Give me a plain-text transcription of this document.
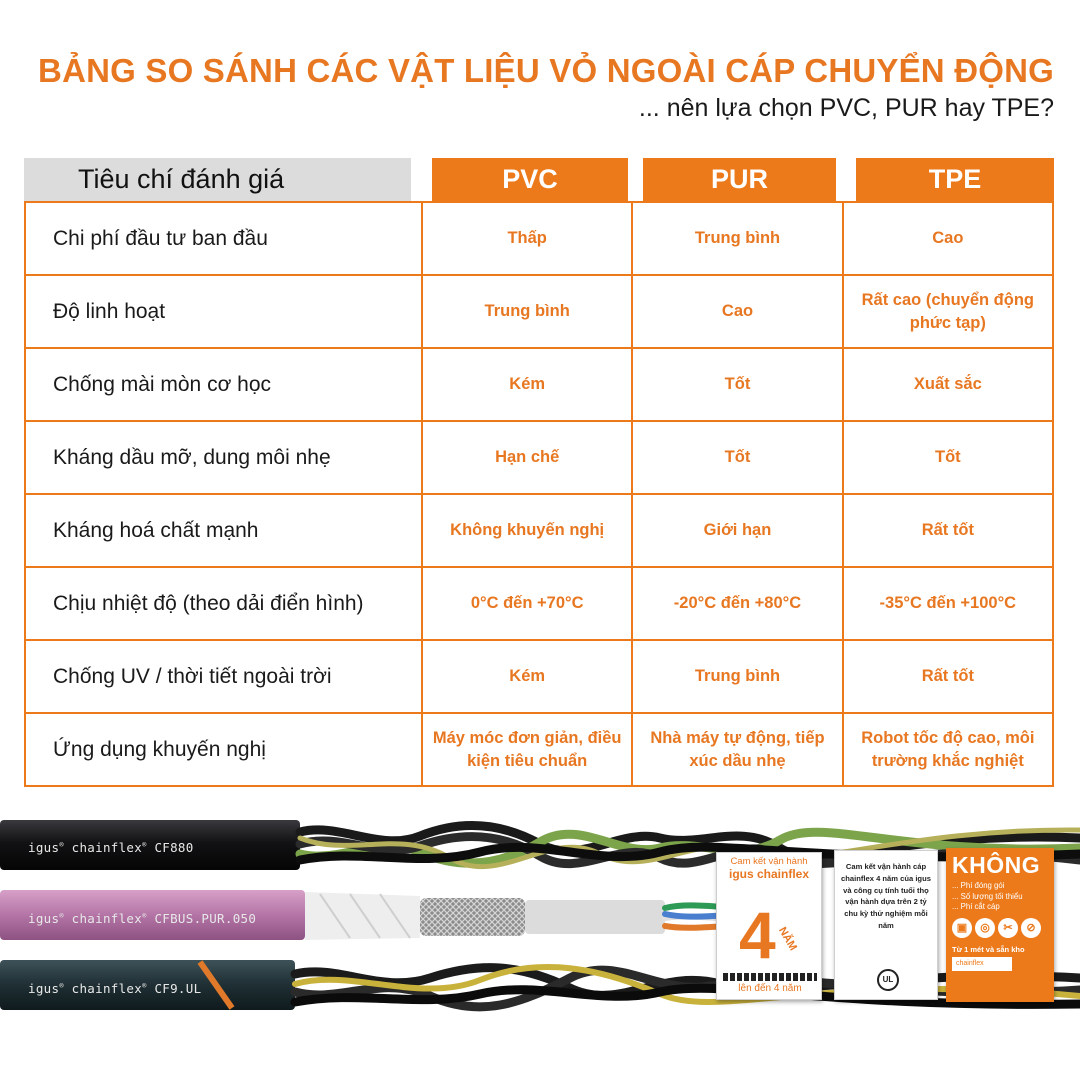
BẢNG SO SÁNH CÁC VẬT LIỆU VỎ NGOÀI CÁP CHUYỂN ĐỘNG
... nên lựa chọn PVC, PUR hay TPE?
Tiêu chí đánh giá	PVC	PUR	TPE
Chi phí đầu tư ban đầu	Thấp	Trung bình	Cao
Độ linh hoạt	Trung bình	Cao	Rất cao (chuyển động phức tạp)
Chống mài mòn cơ học	Kém	Tốt	Xuất sắc
Kháng dầu mỡ, dung môi nhẹ	Hạn chế	Tốt	Tốt
Kháng hoá chất mạnh	Không khuyến nghị	Giới hạn	Rất tốt
Chịu nhiệt độ (theo dải điển hình)	0°C đến +70°C	-20°C đến +80°C	-35°C đến +100°C
Chống UV / thời tiết ngoài trời	Kém	Trung bình	Rất tốt
Ứng dụng khuyến nghị	Máy móc đơn giản, điều kiện tiêu chuẩn	Nhà máy tự động, tiếp xúc dầu nhẹ	Robot tốc độ cao, môi trường khắc nghiệt
igus® chainflex® CF880
igus® chainflex® CFBUS.PUR.050
igus® chainflex® CF9.UL
Cam kết vận hành
igus chainflex
4 NĂM
lên đến 4 năm
Cam kết vận hành cáp chainflex 4 năm của igus và công cụ tính tuổi thọ vận hành dựa trên 2 tỷ chu kỳ thử nghiệm mỗi năm
UL
KHÔNG
... Phí đóng gói
... Số lượng tối thiểu
... Phí cắt cáp
▣	◎	✂	⊘
Từ 1 mét và sẵn kho
chainflex
